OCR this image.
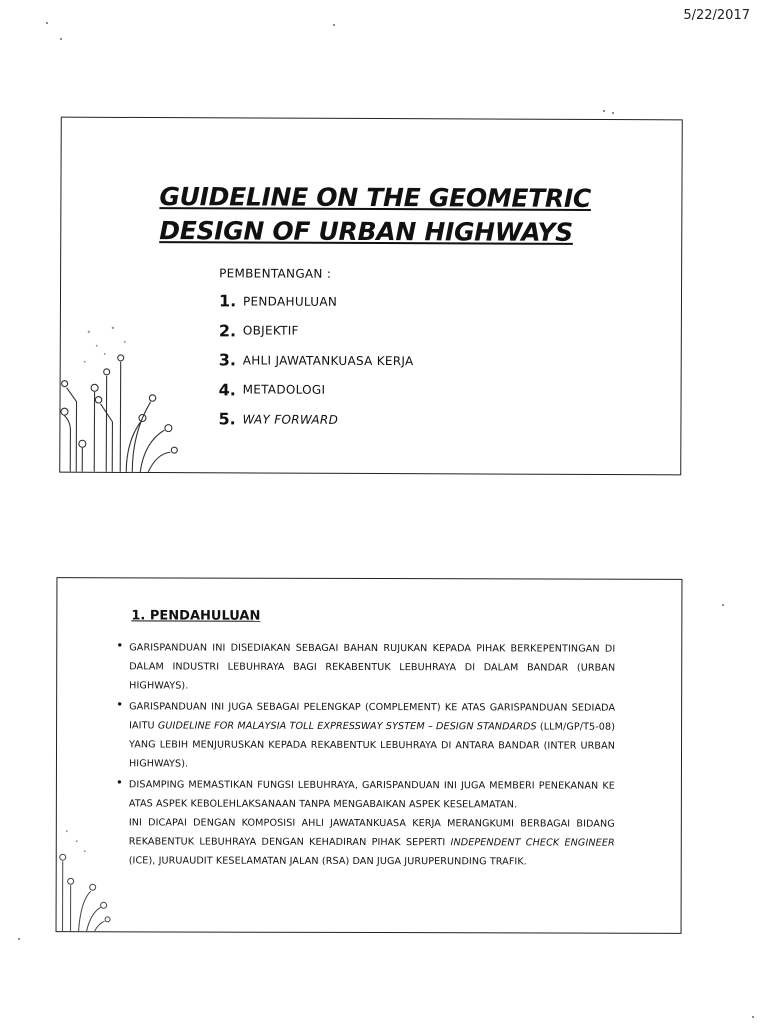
5/22/2017
GUIDELINE ON THE GEOMETRIC
DESIGN OF URBAN HIGHWAYS
PEMBENTANGAN :
1. PENDAHULUAN
2. OBJEKTIF
3. AHLI JAWATANKUASA KERJA
4. METADOLOGI
5. WAY FORWARD
1. PENDAHULUAN
• GARISPANDUAN INI DISEDIAKAN SEBAGAI BAHAN RUJUKAN KEPADA PIHAK BERKEPENTINGAN DI DALAM INDUSTRI LEBUHRAYA BAGI REKABENTUK LEBUHRAYA DI DALAM BANDAR (URBAN HIGHWAYS).

• GARISPANDUAN INI JUGA SEBAGAI PELENGKAP (COMPLEMENT) KE ATAS GARISPANDUAN SEDIADA IAITU GUIDELINE FOR MALAYSIA TOLL EXPRESSWAY SYSTEM – DESIGN STANDARDS (LLM/GP/T5-08) YANG LEBIH MENJURUSKAN KEPADA REKABENTUK LEBUHRAYA DI ANTARA BANDAR (INTER URBAN HIGHWAYS).

• DISAMPING MEMASTIKAN FUNGSI LEBUHRAYA, GARISPANDUAN INI JUGA MEMBERI PENEKANAN KE ATAS ASPEK KEBOLEHLAKSANAAN TANPA MENGABAIKAN ASPEK KESELAMATAN.

INI DICAPAI DENGAN KOMPOSISI AHLI JAWATANKUASA KERJA MERANGKUMI BERBAGAI BIDANG REKABENTUK LEBUHRAYA DENGAN KEHADIRAN PIHAK SEPERTI INDEPENDENT CHECK ENGINEER (ICE), JURUAUDIT KESELAMATAN JALAN (RSA) DAN JUGA JURUPERUNDING TRAFIK.
